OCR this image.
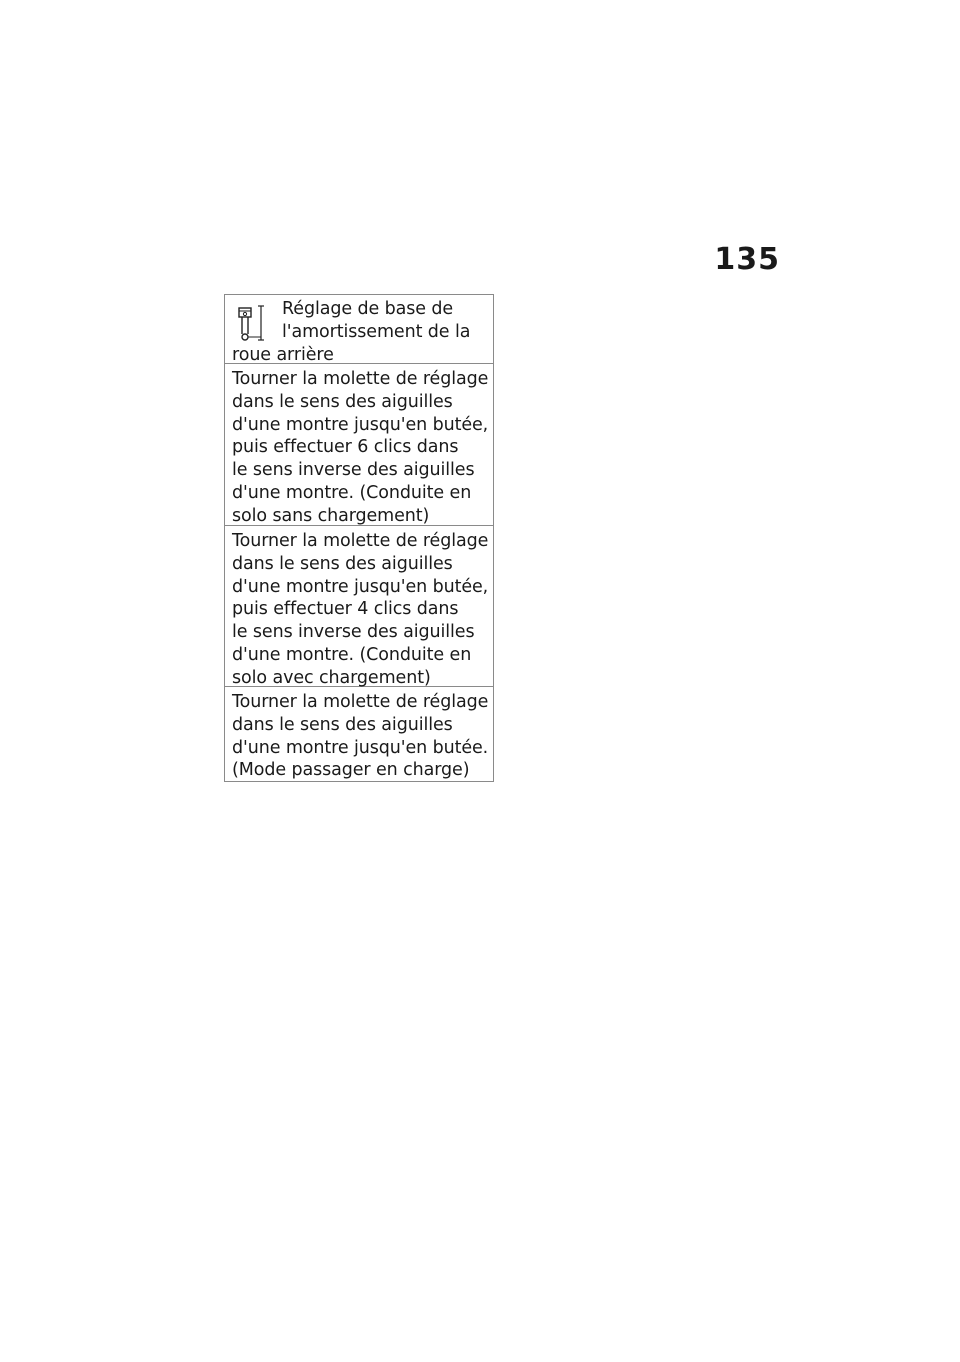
135
Réglage de base de
l'amortissement de la
roue arrière
Tourner la molette de réglage
dans le sens des aiguilles
d'une montre jusqu'en butée,
puis effectuer 6 clics dans
le sens inverse des aiguilles
d'une montre. (Conduite en
solo sans chargement)
Tourner la molette de réglage
dans le sens des aiguilles
d'une montre jusqu'en butée,
puis effectuer 4 clics dans
le sens inverse des aiguilles
d'une montre. (Conduite en
solo avec chargement)
Tourner la molette de réglage
dans le sens des aiguilles
d'une montre jusqu'en butée.
(Mode passager en charge)
